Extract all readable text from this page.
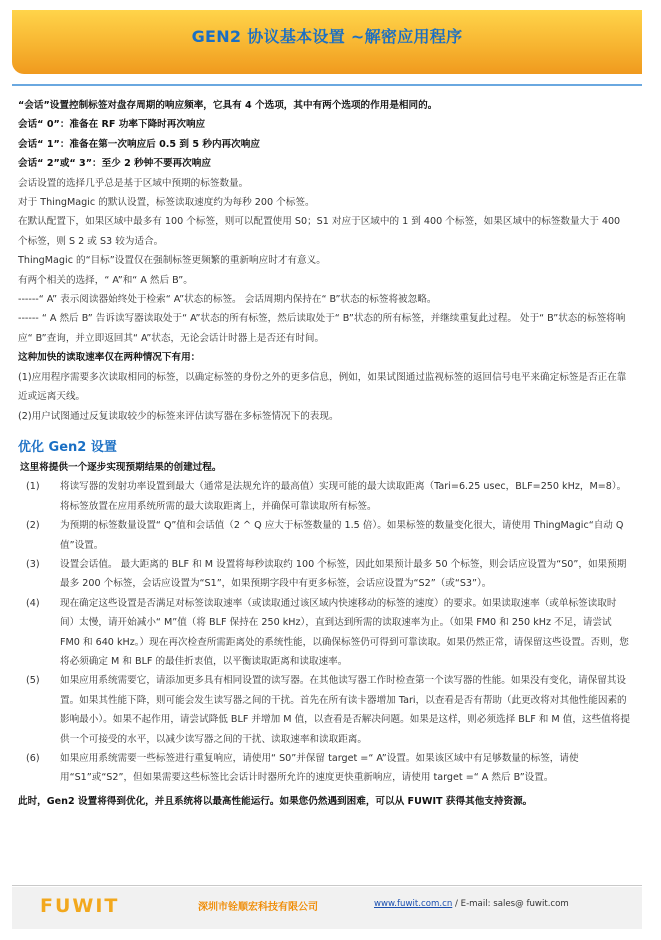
GEN2 协议基本设置 ~解密应用程序

“会话”设置控制标签对盘存周期的响应频率，它具有 4 个选项，其中有两个选项的作用是相同的。

会话“ 0”：准备在 RF 功率下降时再次响应

会话“ 1”：准备在第一次响应后 0.5 到 5 秒内再次响应

会话“ 2”或“ 3”：至少 2 秒钟不要再次响应

会话设置的选择几乎总是基于区域中预期的标签数量。

对于 ThingMagic 的默认设置，标签读取速度约为每秒 200 个标签。

在默认配置下，如果区域中最多有 100 个标签，则可以配置使用 S0；S1 对应于区域中的 1 到 400 个标签，如果区域中的标签数量大于 400 个标签，则 S 2 或 S3 较为适合。

ThingMagic 的“目标”设置仅在强制标签更频繁的重新响应时才有意义。

有两个相关的选择，“ A”和“ A 然后 B”。

------“ A” 表示阅读器始终处于检索“ A”状态的标签。 会话周期内保持在“ B”状态的标签将被忽略。

------ “ A 然后 B” 告诉读写器读取处于“ A”状态的所有标签，然后读取处于“ B”状态的所有标签，并继续重复此过程。 处于“ B”状态的标签将响应“ B”查询，并立即返回其“ A”状态，无论会话计时器上是否还有时间。

这种加快的读取速率仅在两种情况下有用：

(1)应用程序需要多次读取相同的标签，以确定标签的身份之外的更多信息，例如，如果试图通过监视标签的返回信号电平来确定标签是否正在靠近或远离天线。

(2)用户试图通过反复读取较少的标签来评估读写器在多标签情况下的表现。

优化 Gen2 设置

这里将提供一个逐步实现预期结果的创建过程。

(1)	将读写器的发射功率设置到最大（通常是法规允许的最高值）实现可能的最大读取距离（Tari=6.25 usec，BLF=250 kHz，M=8）。将标签放置在应用系统所需的最大读取距离上，并确保可靠读取所有标签。
(2)	为预期的标签数量设置“ Q”值和会话值（2 ^ Q 应大于标签数量的 1.5 倍）。如果标签的数量变化很大，请使用 ThingMagic“自动 Q 值”设置。
(3)	设置会话值。 最大距离的 BLF 和 M 设置将每秒读取约 100 个标签，因此如果预计最多 50 个标签，则会话应设置为“S0”，如果预期最多 200 个标签，会话应设置为“S1”，如果预期字段中有更多标签，会话应设置为“S2”（或“S3”）。
(4)	现在确定这些设置是否满足对标签读取速率（或读取通过该区域内快速移动的标签的速度）的要求。如果读取速率（或单标签读取时间）太慢，请开始减小“ M”值（将 BLF 保持在 250 kHz），直到达到所需的读取速率为止。（如果 FM0 和 250 kHz 不足，请尝试 FM0 和 640 kHz。）现在再次检查所需距离处的系统性能，以确保标签仍可得到可靠读取。如果仍然正常，请保留这些设置。否则，您将必须确定 M 和 BLF 的最佳折衷值，以平衡读取距离和读取速率。
(5)	如果应用系统需要它，请添加更多具有相同设置的读写器。在其他读写器工作时检查第一个读写器的性能。如果没有变化，请保留其设置。如果其性能下降，则可能会发生读写器之间的干扰。首先在所有读卡器增加 Tari，以查看是否有帮助（此更改将对其他性能因素的影响最小）。如果不起作用，请尝试降低 BLF 并增加 M 值，以查看是否解决问题。如果是这样，则必须选择 BLF 和 M 值，这些值将提供一个可接受的水平，以减少读写器之间的干扰、读取速率和读取距离。
(6)	如果应用系统需要一些标签进行重复响应，请使用“ S0”并保留 target =“ A”设置。如果该区域中有足够数量的标签，请使用“S1”或“S2”，但如果需要这些标签比会话计时器所允许的速度更快重新响应，请使用 target =“ A 然后 B”设置。

此时，Gen2 设置将得到优化，并且系统将以最高性能运行。如果您仍然遇到困难，可以从 FUWIT 获得其他支持资源。

FUWIT	深圳市铨顺宏科技有限公司	www.fuwit.com.cn / E-mail: sales@ fuwit.com
